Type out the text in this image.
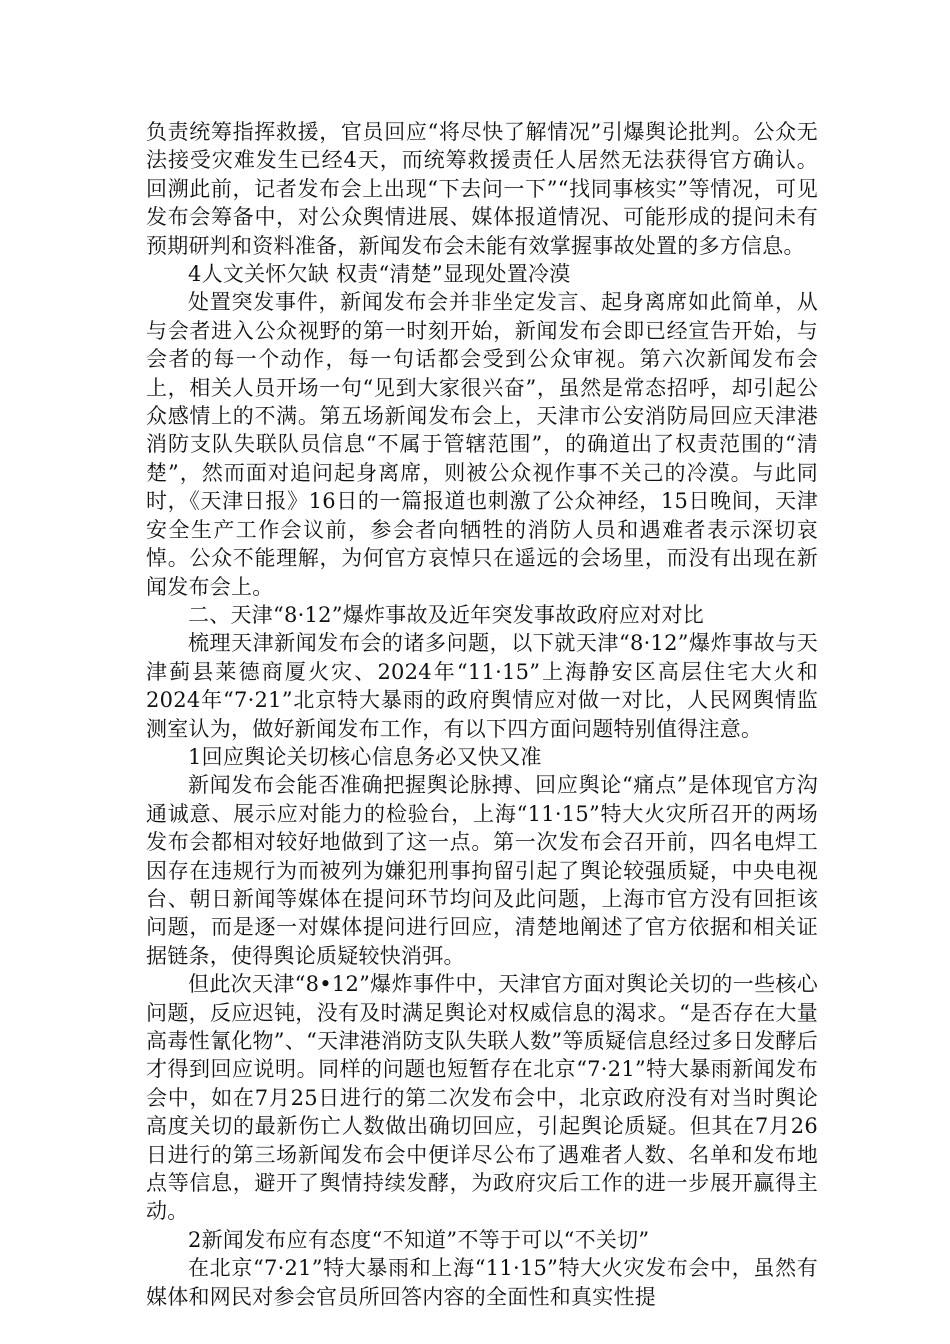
负责统筹指挥救援，官员回应“将尽快了解情况”引爆舆论批判。公众无法接受灾难发生已经4天，而统筹救援责任人居然无法获得官方确认。回溯此前，记者发布会上出现“下去问一下”“找同事核实”等情况，可见发布会筹备中，对公众舆情进展、媒体报道情况、可能形成的提问未有预期研判和资料准备，新闻发布会未能有效掌握事故处置的多方信息。

4人文关怀欠缺 权责“清楚”显现处置冷漠

处置突发事件，新闻发布会并非坐定发言、起身离席如此简单，从与会者进入公众视野的第一时刻开始，新闻发布会即已经宣告开始，与会者的每一个动作，每一句话都会受到公众审视。第六次新闻发布会上，相关人员开场一句“见到大家很兴奋”，虽然是常态招呼，却引起公众感情上的不满。第五场新闻发布会上，天津市公安消防局回应天津港消防支队失联队员信息“不属于管辖范围”，的确道出了权责范围的“清楚”，然而面对追问起身离席，则被公众视作事不关己的冷漠。与此同时，《天津日报》16日的一篇报道也刺激了公众神经，15日晚间，天津安全生产工作会议前，参会者向牺牲的消防人员和遇难者表示深切哀悼。公众不能理解，为何官方哀悼只在遥远的会场里，而没有出现在新闻发布会上。

二、天津“8·12”爆炸事故及近年突发事故政府应对对比

梳理天津新闻发布会的诸多问题，以下就天津“8·12”爆炸事故与天津蓟县莱德商厦火灾、2024年“11·15”上海静安区高层住宅大火和2024年“7·21”北京特大暴雨的政府舆情应对做一对比，人民网舆情监测室认为，做好新闻发布工作，有以下四方面问题特别值得注意。

1回应舆论关切核心信息务必又快又准

新闻发布会能否准确把握舆论脉搏、回应舆论“痛点”是体现官方沟通诚意、展示应对能力的检验台，上海“11·15”特大火灾所召开的两场发布会都相对较好地做到了这一点。第一次发布会召开前，四名电焊工因存在违规行为而被列为嫌犯刑事拘留引起了舆论较强质疑，中央电视台、朝日新闻等媒体在提问环节均问及此问题，上海市官方没有回拒该问题，而是逐一对媒体提问进行回应，清楚地阐述了官方依据和相关证据链条，使得舆论质疑较快消弭。

但此次天津“8•12”爆炸事件中，天津官方面对舆论关切的一些核心问题，反应迟钝，没有及时满足舆论对权威信息的渴求。“是否存在大量高毒性氰化物”、“天津港消防支队失联人数”等质疑信息经过多日发酵后才得到回应说明。同样的问题也短暂存在北京“7·21”特大暴雨新闻发布会中，如在7月25日进行的第二次发布会中，北京政府没有对当时舆论高度关切的最新伤亡人数做出确切回应，引起舆论质疑。但其在7月26日进行的第三场新闻发布会中便详尽公布了遇难者人数、名单和发布地点等信息，避开了舆情持续发酵，为政府灾后工作的进一步展开赢得主动。

2新闻发布应有态度“不知道”不等于可以“不关切”

在北京“7·21”特大暴雨和上海“11·15”特大火灾发布会中，虽然有媒体和网民对参会官员所回答内容的全面性和真实性提
